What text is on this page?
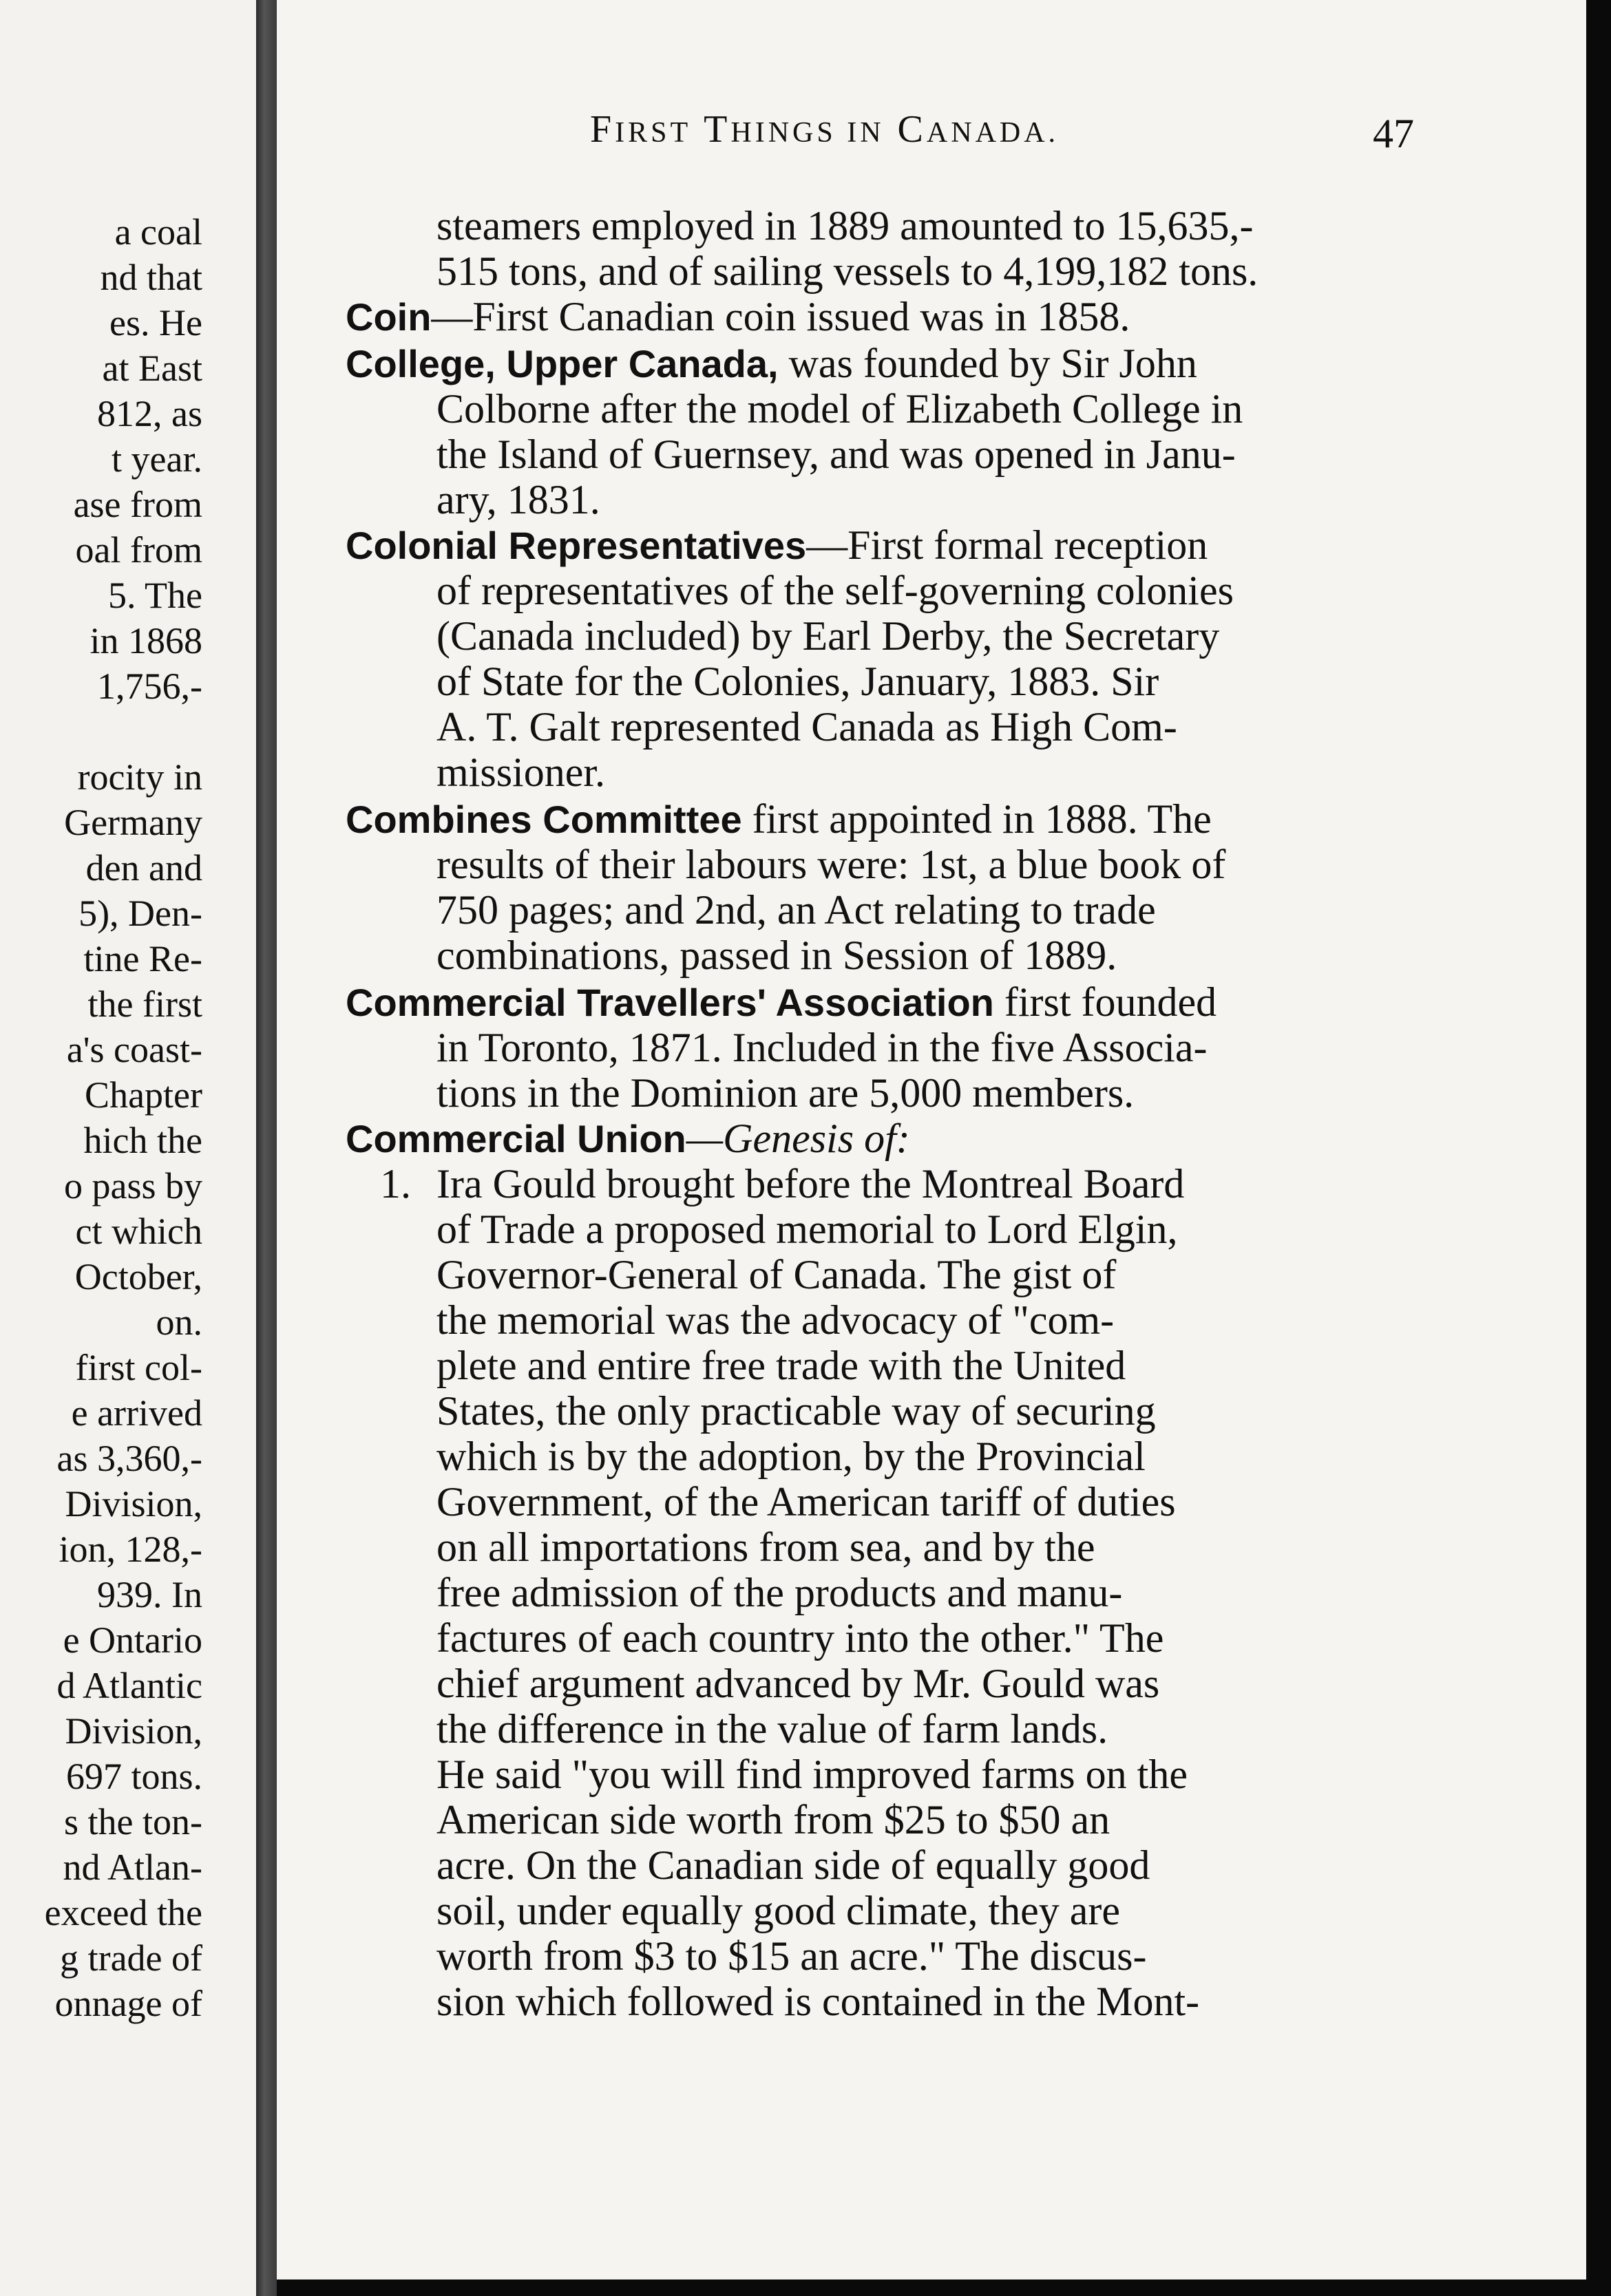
a coal
nd that
es. He
at East
812, as
t year.
ase from
oal from
5. The
in 1868
1,756,-
rocity in
Germany
den and
5), Den-
tine Re-
the first
a's coast-
Chapter
hich the
o pass by
ct which
October,
on.
first col-
e arrived
as 3,360,-
Division,
ion, 128,-
939. In
e Ontario
d Atlantic
Division,
697 tons.
s the ton-
nd Atlan-
exceed the
g trade of
onnage of
FIRST THINGS IN CANADA.	47
steamers employed in 1889 amounted to 15,635,-
515 tons, and of sailing vessels to 4,199,182 tons.
Coin—First Canadian coin issued was in 1858.
College, Upper Canada, was founded by Sir John
Colborne after the model of Elizabeth College in
the Island of Guernsey, and was opened in Janu-
ary, 1831.
Colonial Representatives—First formal reception
of representatives of the self-governing colonies
(Canada included) by Earl Derby, the Secretary
of State for the Colonies, January, 1883. Sir
A. T. Galt represented Canada as High Com-
missioner.
Combines Committee first appointed in 1888. The
results of their labours were: 1st, a blue book of
750 pages; and 2nd, an Act relating to trade
combinations, passed in Session of 1889.
Commercial Travellers' Association first founded
in Toronto, 1871. Included in the five Associa-
tions in the Dominion are 5,000 members.
Commercial Union—Genesis of:
1. Ira Gould brought before the Montreal Board
of Trade a proposed memorial to Lord Elgin,
Governor-General of Canada. The gist of
the memorial was the advocacy of "com-
plete and entire free trade with the United
States, the only practicable way of securing
which is by the adoption, by the Provincial
Government, of the American tariff of duties
on all importations from sea, and by the
free admission of the products and manu-
factures of each country into the other." The
chief argument advanced by Mr. Gould was
the difference in the value of farm lands.
He said "you will find improved farms on the
American side worth from $25 to $50 an
acre. On the Canadian side of equally good
soil, under equally good climate, they are
worth from $3 to $15 an acre." The discus-
sion which followed is contained in the Mont-
